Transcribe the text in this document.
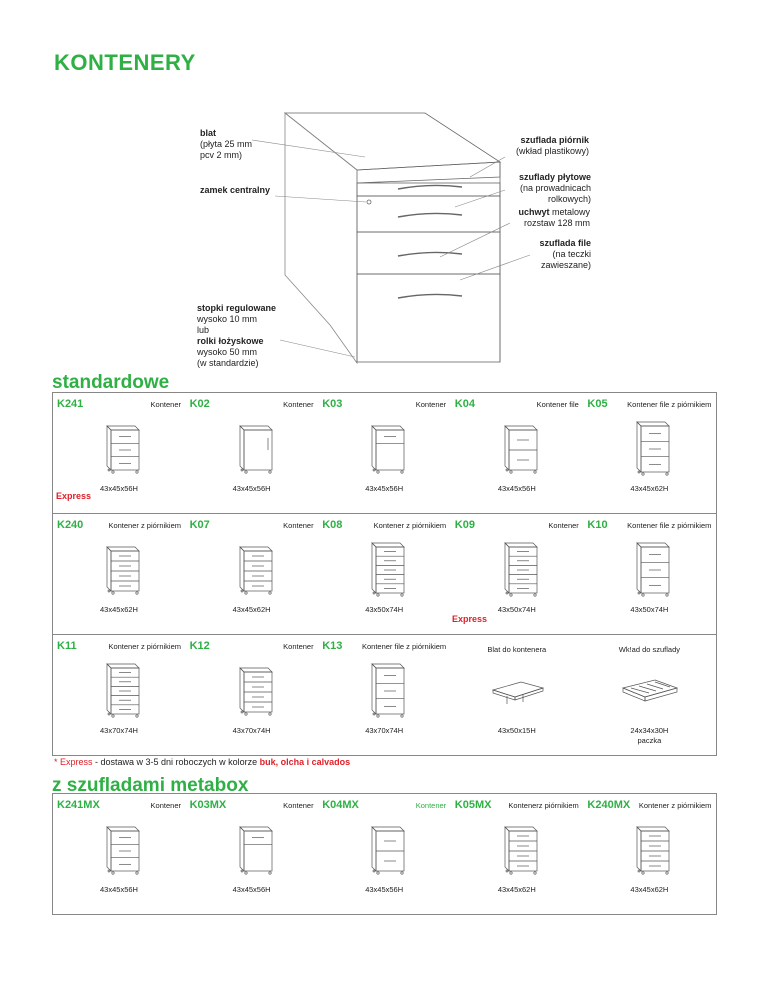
KONTENERY
blat
(płyta 25 mm
pcv 2 mm)
zamek centralny
stopki regulowane
wysoko 10 mm
lub
rolki łożyskowe
wysoko 50 mm
(w standardzie)
szuflada piórnik
(wkład plastikowy)
szuflady płytowe
(na prowadnicach
rolkowych)
uchwyt metalowy
rozstaw 128 mm
szuflada file
(na teczki
zawieszane)
standardowe
K241	Kontener
43x45x56H
K02	Kontener
43x45x56H
K03	Kontener
43x45x56H
K04	Kontener file
43x45x56H
K05	Kontener file z piórnikiem
43x45x62H
K240	Kontener z piórnikiem
43x45x62H
K07	Kontener
43x45x62H
K08	Kontener z piórnikiem
43x50x74H
K09	Kontener
43x50x74H
K10	Kontener file z piórnikiem
43x50x74H
K11	Kontener z piórnikiem
43x70x74H
K12	Kontener
43x70x74H
K13	Kontener file z piórnikiem
43x70x74H
Blat do kontenera
43x50x15H
Wk!ad do szuflady
24x34x30H
paczka
Express
Express
* Express - dostawa w 3-5 dni roboczych w kolorze buk, olcha i calvados
z szufladami metabox
K241MX	Kontener
43x45x56H
K03MX	Kontener
43x45x56H
K04MX	Kontener
43x45x56H
K05MX Kontenerz piórnikiem
43x45x62H
K240MX Kontener z piórnikiem
43x45x62H
